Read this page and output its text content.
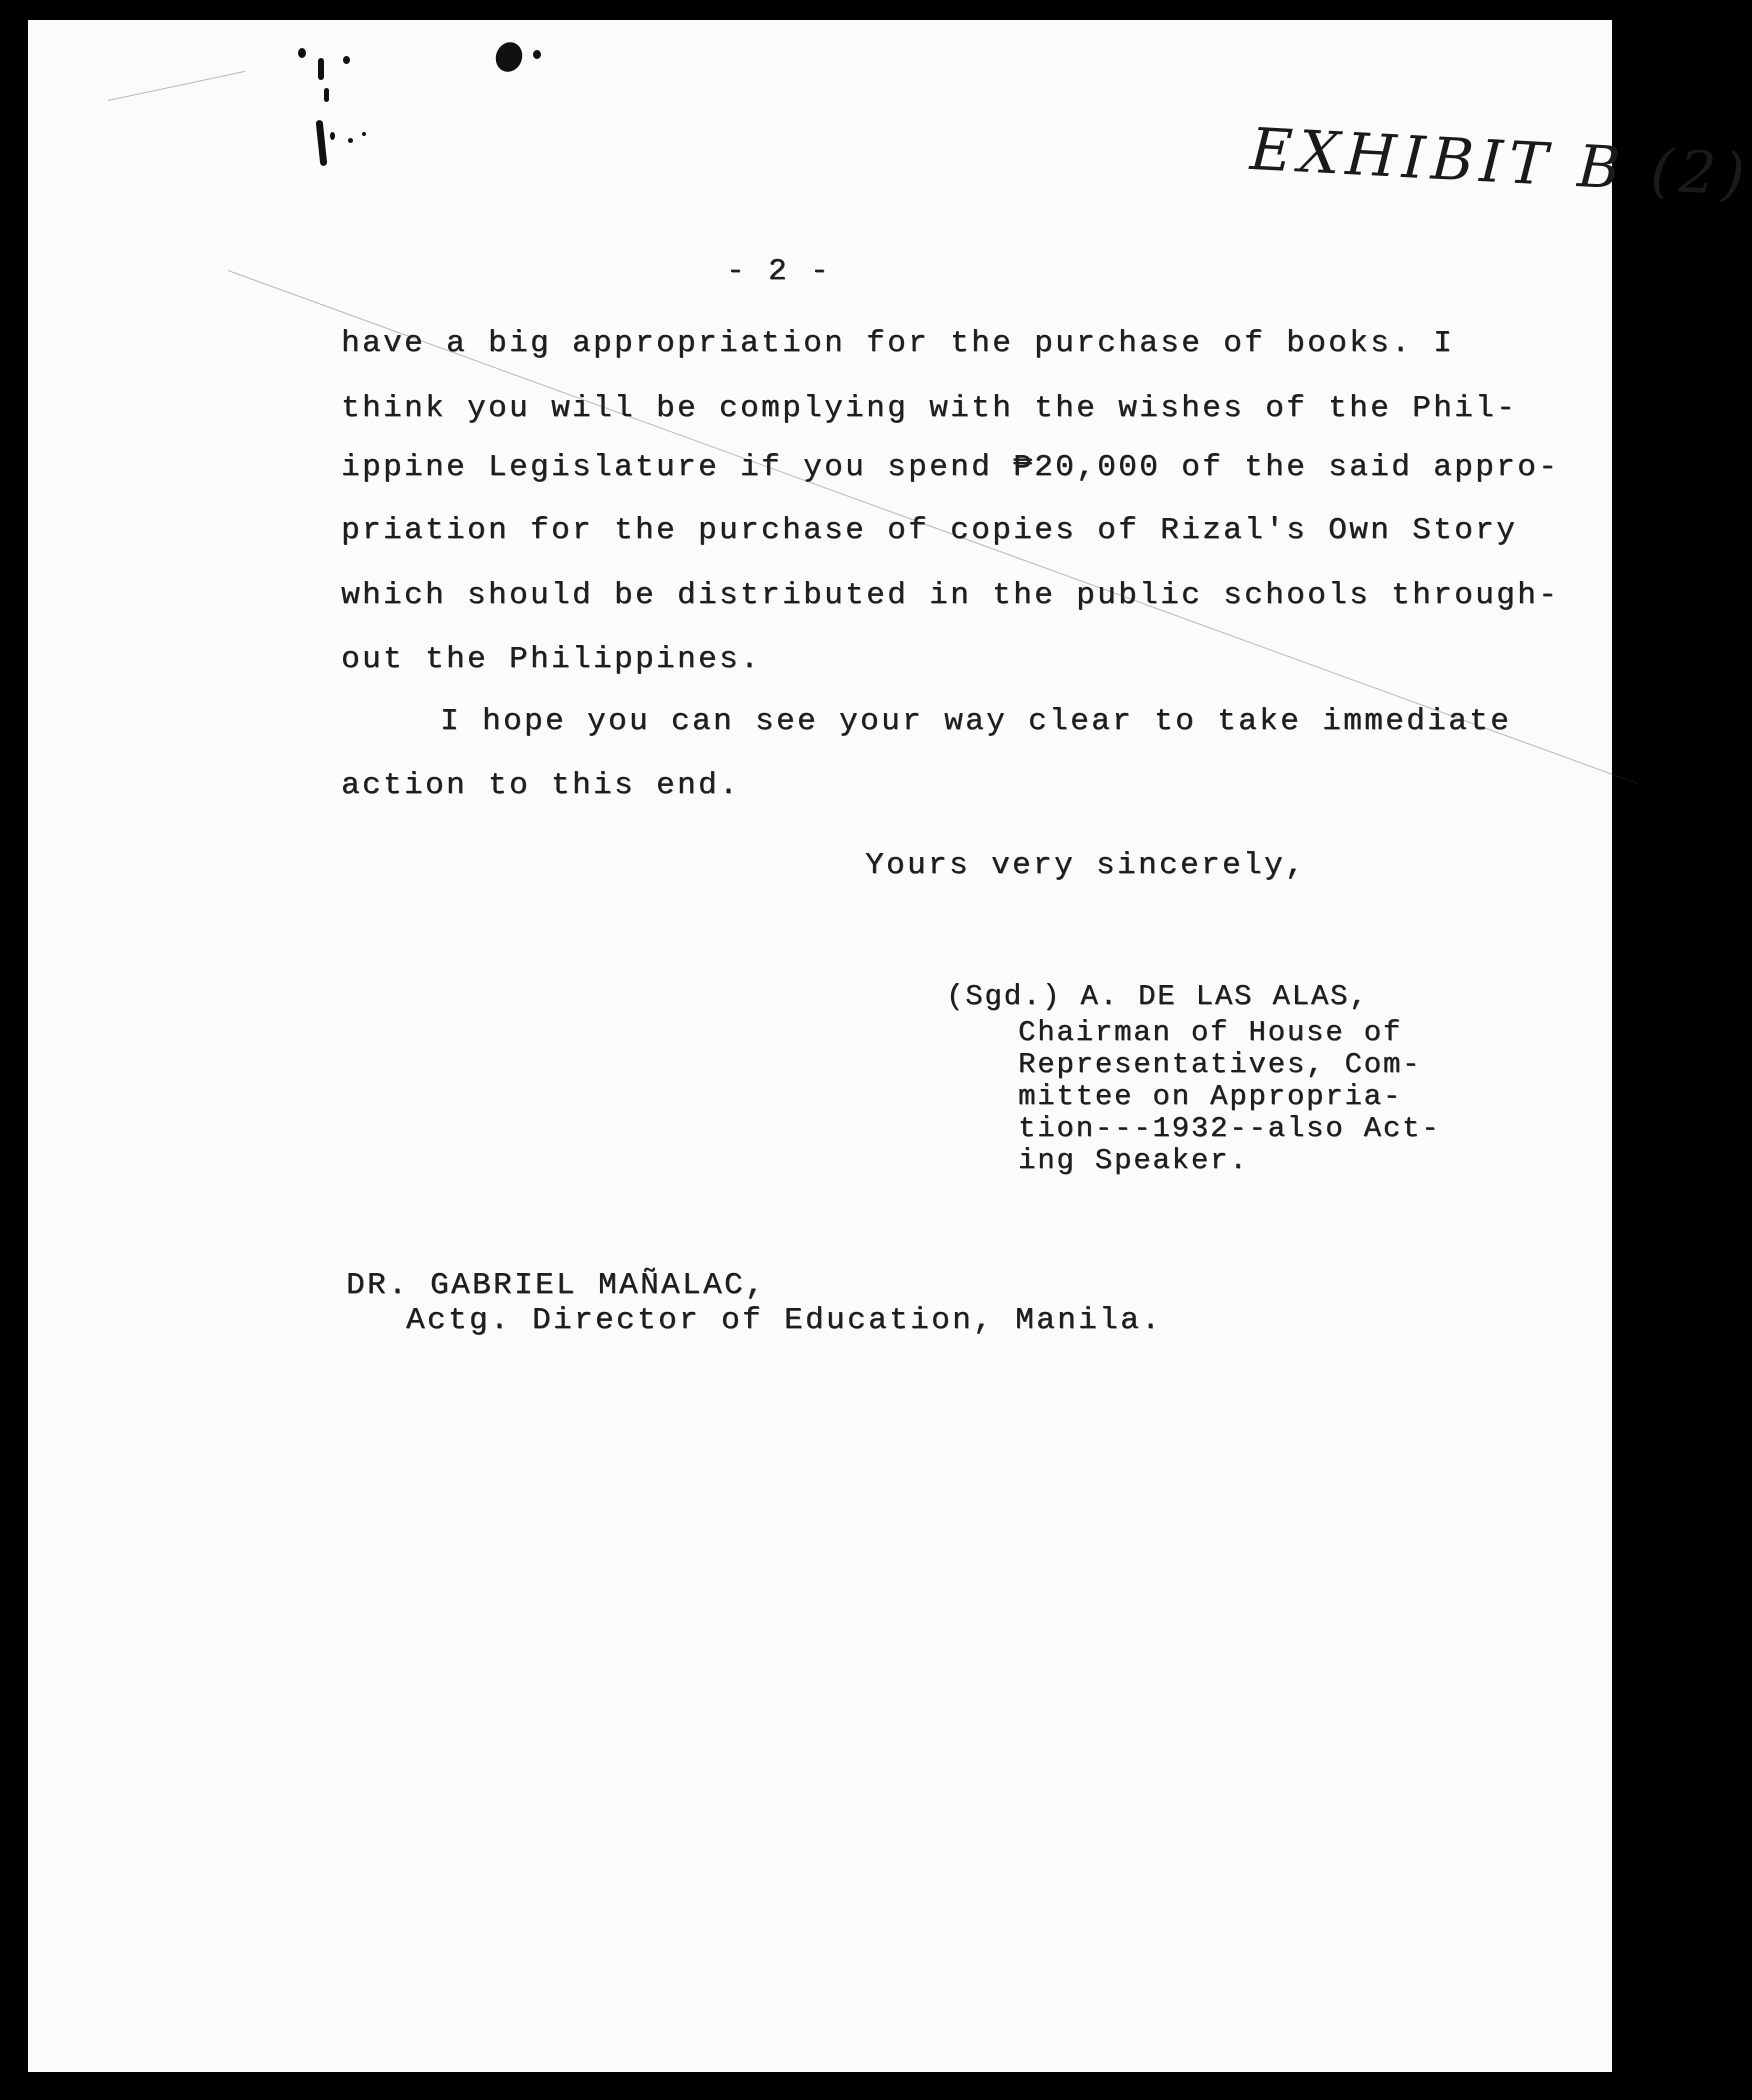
EXHIBIT B (2)
- 2 -
have a big appropriation for the purchase of books. I
think you will be complying with the wishes of the Phil-
ippine Legislature if you spend ₱20,000 of the said appro-
priation for the purchase of copies of Rizal's Own Story
which should be distributed in the public schools through-
out the Philippines.
I hope you can see your way clear to take immediate
action to this end.
Yours very sincerely,
(Sgd.) A. DE LAS ALAS,
Chairman of House of
Representatives, Com-
mittee on Appropria-
tion---1932--also Act-
ing Speaker.
DR. GABRIEL MAÑALAC,
Actg. Director of Education, Manila.
